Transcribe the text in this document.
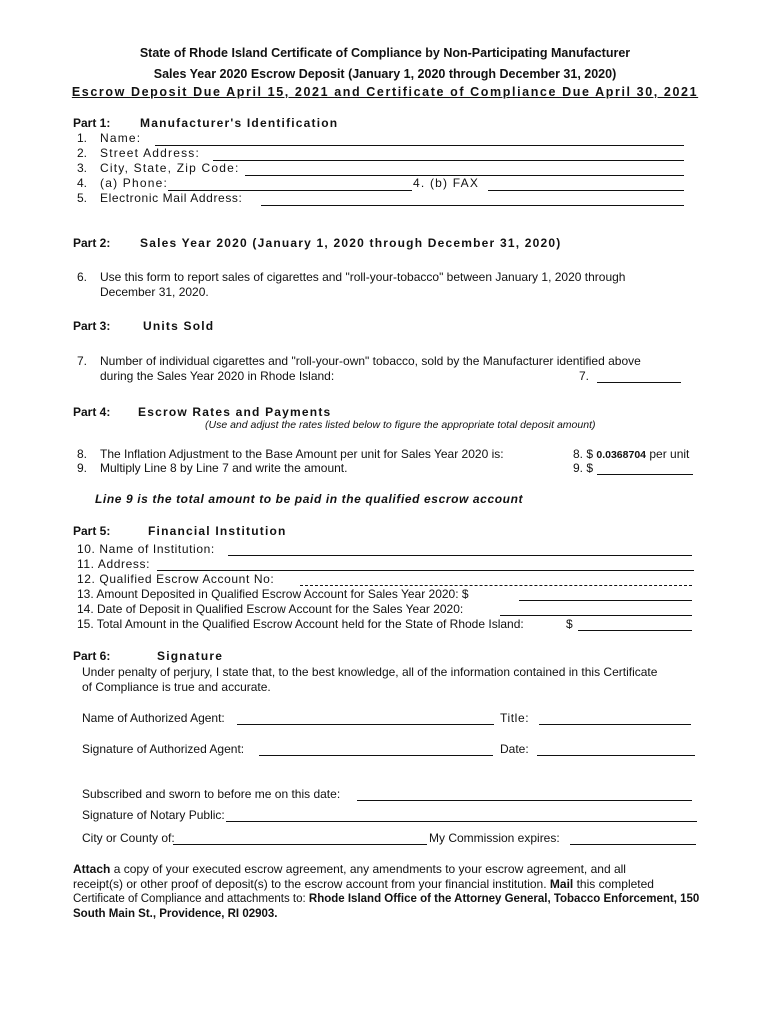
State of Rhode Island Certificate of Compliance by Non-Participating Manufacturer
Sales Year 2020 Escrow Deposit (January 1, 2020 through December 31, 2020)
Escrow Deposit Due April 15, 2021 and Certificate of Compliance Due April 30, 2021
Part 1: Manufacturer's Identification
1. Name:
2. Street Address:
3. City, State, Zip Code:
4. (a) Phone:	4. (b) FAX
5. Electronic Mail Address:
Part 2: Sales Year 2020 (January 1, 2020 through December 31, 2020)
6. Use this form to report sales of cigarettes and "roll-your-tobacco" between January 1, 2020 through
December 31, 2020.
Part 3:	Units Sold
7. Number of individual cigarettes and "roll-your-own" tobacco, sold by the Manufacturer identified above
during the Sales Year 2020 in Rhode Island:	7.
Part 4: Escrow Rates and Payments
(Use and adjust the rates listed below to figure the appropriate total deposit amount)
8. The Inflation Adjustment to the Base Amount per unit for Sales Year 2020 is:	8. $ 0.0368704 per unit
9. Multiply Line 8 by Line 7 and write the amount.	9. $
Line 9 is the total amount to be paid in the qualified escrow account
Part 5:	Financial Institution
10. Name of Institution:
11. Address:
12. Qualified Escrow Account No:
13. Amount Deposited in Qualified Escrow Account for Sales Year 2020: $
14. Date of Deposit in Qualified Escrow Account for the Sales Year 2020:
15. Total Amount in the Qualified Escrow Account held for the State of Rhode Island:	$
Part 6:	Signature
Under penalty of perjury, I state that, to the best knowledge, all of the information contained in this Certificate
of Compliance is true and accurate.
Name of Authorized Agent:	Title:
Signature of Authorized Agent:	Date:
Subscribed and sworn to before me on this date:
Signature of Notary Public:
City or County of:	My Commission expires:
Attach a copy of your executed escrow agreement, any amendments to your escrow agreement, and all
receipt(s) or other proof of deposit(s) to the escrow account from your financial institution. Mail this completed
Certificate of Compliance and attachments to: Rhode Island Office of the Attorney General, Tobacco Enforcement, 150
South Main St., Providence, RI 02903.
